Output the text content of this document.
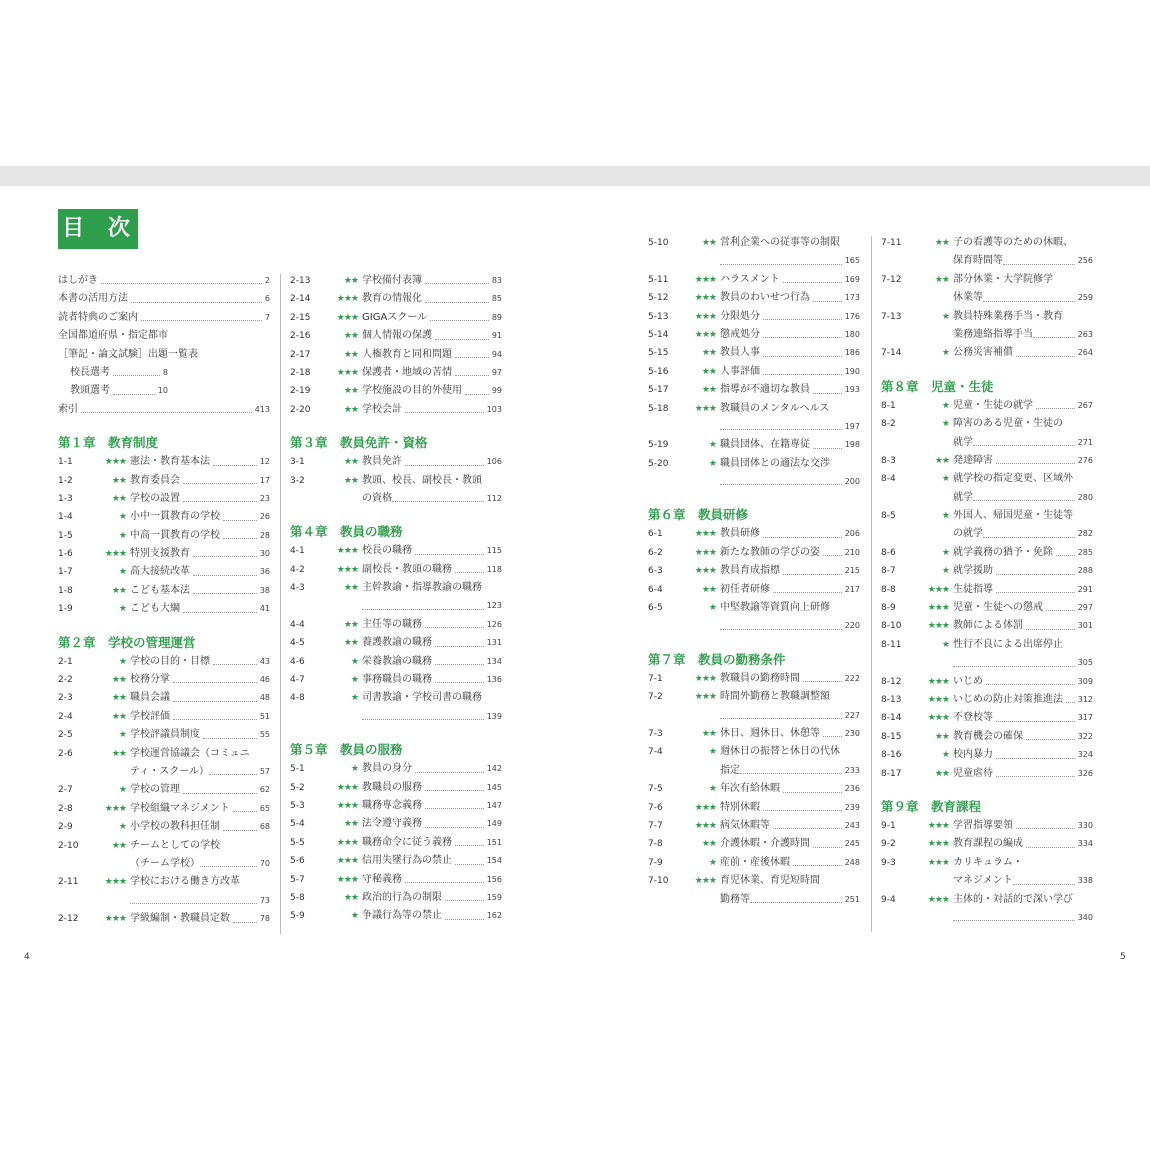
目 次
はしがき	2
本書の活用方法	6
読者特典のご案内	7
全国都道府県・指定都市
［筆記・論文試験］出題一覧表
校長選考	8
教頭選考	10
索引	413
第１章　教育制度
1-1	★★★ 憲法・教育基本法	12
1-2	★★ 教育委員会	17
1-3	★★ 学校の設置	23
1-4	★ 小中一貫教育の学校	26
1-5	★ 中高一貫教育の学校	28
1-6	★★★ 特別支援教育	30
1-7	★ 高大接続改革	36
1-8	★★ こども基本法	38
1-9	★ こども大綱	41
第２章　学校の管理運営
2-1	★ 学校の目的・目標	43
2-2	★★ 校務分掌	46
2-3	★★ 職員会議	48
2-4	★★ 学校評価	51
2-5	★ 学校評議員制度	55
2-6	★★ 学校運営協議会（コミュニ
ティ・スクール）	57
2-7	★ 学校の管理	62
2-8	★★★ 学校組織マネジメント	65
2-9	★ 小学校の教科担任制	68
2-10	★★ チームとしての学校
（チーム学校）	70
2-11	★★★ 学校における働き方改革
73
2-12	★★★ 学級編制・教職員定数	78
2-13	★★ 学校備付表簿	83
2-14	★★★ 教育の情報化	85
2-15	★★★ GIGAスクール	89
2-16	★★ 個人情報の保護	91
2-17	★★ 人権教育と同和問題	94
2-18	★★★ 保護者・地域の苦情	97
2-19	★★ 学校施設の目的外使用	99
2-20	★★ 学校会計	103
第３章　教員免許・資格
3-1	★★ 教員免許	106
3-2	★★ 教頭、校長、副校長・教頭
の資格	112
第４章　教員の職務
4-1	★★★ 校長の職務	115
4-2	★★★ 副校長・教頭の職務	118
4-3	★★ 主幹教諭・指導教諭の職務
123
4-4	★★ 主任等の職務	126
4-5	★★ 養護教諭の職務	131
4-6	★ 栄養教諭の職務	134
4-7	★ 事務職員の職務	136
4-8	★ 司書教諭・学校司書の職務
139
第５章　教員の服務
5-1	★ 教員の身分	142
5-2	★★★ 教職員の服務	145
5-3	★★★ 職務専念義務	147
5-4	★★ 法令遵守義務	149
5-5	★★★ 職務命令に従う義務	151
5-6	★★★ 信用失墜行為の禁止	154
5-7	★★★ 守秘義務	156
5-8	★★ 政治的行為の制限	159
5-9	★ 争議行為等の禁止	162
5-10	★★ 営利企業への従事等の制限
165
5-11	★★★ ハラスメント	169
5-12	★★★ 教員のわいせつ行為	173
5-13	★★★ 分限処分	176
5-14	★★★ 懲戒処分	180
5-15	★★ 教員人事	186
5-16	★★ 人事評価	190
5-17	★★ 指導が不適切な教員	193
5-18	★★★ 教職員のメンタルヘルス
197
5-19	★ 職員団体、在籍専従	198
5-20	★ 職員団体との適法な交渉
200
第６章　教員研修
6-1	★★★ 教員研修	206
6-2	★★★ 新たな教師の学びの姿	210
6-3	★★★ 教員育成指標	215
6-4	★★ 初任者研修	217
6-5	★ 中堅教諭等資質向上研修
220
第７章　教員の勤務条件
7-1	★★★ 教職員の勤務時間	222
7-2	★★★ 時間外勤務と教職調整額
227
7-3	★★ 休日、週休日、休憩等	230
7-4	★ 週休日の振替と休日の代休
指定	233
7-5	★ 年次有給休暇	236
7-6	★★★ 特別休暇	239
7-7	★★★ 病気休暇等	243
7-8	★★ 介護休暇・介護時間	245
7-9	★ 産前・産後休暇	248
7-10	★★★ 育児休業、育児短時間
勤務等	251
7-11	★★ 子の看護等のための休暇、
保育時間等	256
7-12	★★ 部分休業・大学院修学
休業等	259
7-13	★ 教員特殊業務手当・教育
業務連絡指導手当	263
7-14	★ 公務災害補償	264
第８章　児童・生徒
8-1	★ 児童・生徒の就学	267
8-2	★ 障害のある児童・生徒の
就学	271
8-3	★★ 発達障害	276
8-4	★ 就学校の指定変更、区域外
就学	280
8-5	★ 外国人、帰国児童・生徒等
の就学	282
8-6	★ 就学義務の猶予・免除	285
8-7	★ 就学援助	288
8-8	★★★ 生徒指導	291
8-9	★★★ 児童・生徒への懲戒	297
8-10	★★★ 教師による体罰	301
8-11	★ 性行不良による出席停止
305
8-12	★★★ いじめ	309
8-13	★★★ いじめの防止対策推進法 312
8-14	★★★ 不登校等	317
8-15	★★ 教育機会の確保	322
8-16	★ 校内暴力	324
8-17	★★ 児童虐待	326
第９章　教育課程
9-1	★★★ 学習指導要領	330
9-2	★★★ 教育課程の編成	334
9-3	★★★ カリキュラム・
マネジメント	338
9-4	★★★ 主体的・対話的で深い学び
340
4	5
